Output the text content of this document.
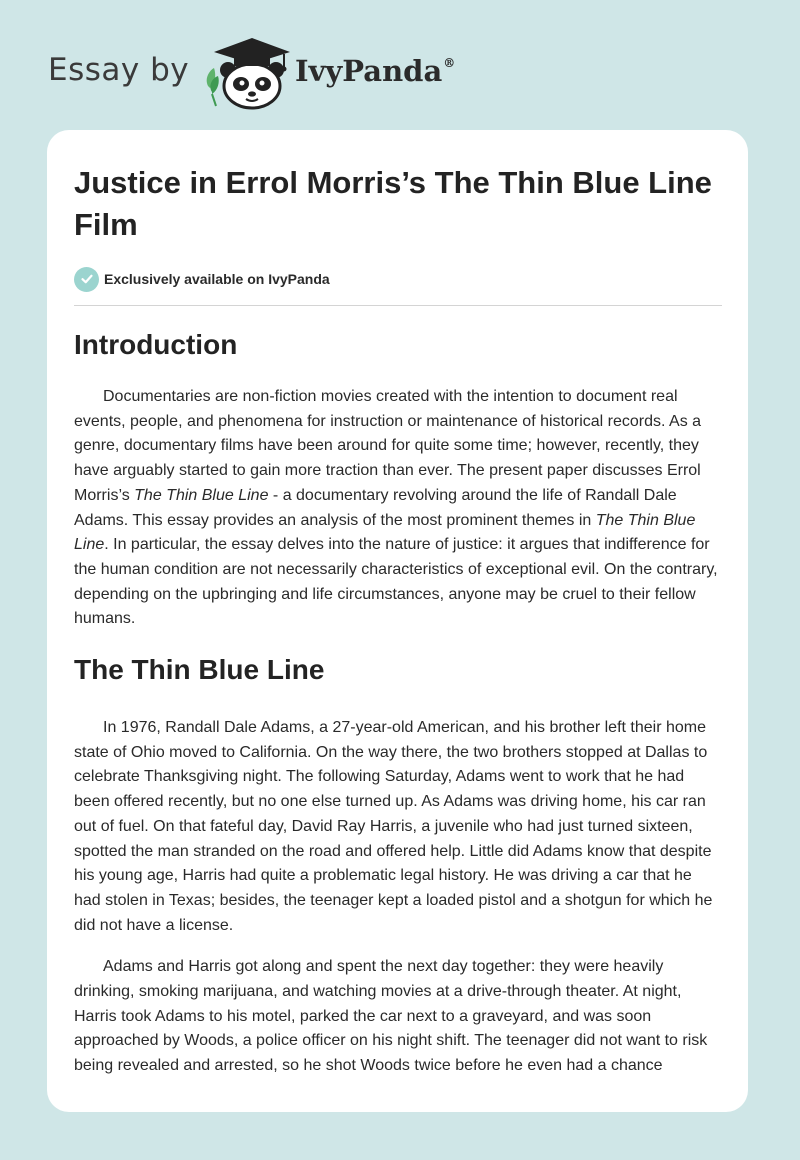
Essay by	IvyPanda®
Justice in Errol Morris’s The Thin Blue Line Film
Exclusively available on IvyPanda
Introduction

Documentaries are non-fiction movies created with the intention to document real events, people, and phenomena for instruction or maintenance of historical records. As a genre, documentary films have been around for quite some time; however, recently, they have arguably started to gain more traction than ever. The present paper discusses Errol Morris’s The Thin Blue Line - a documentary revolving around the life of Randall Dale Adams. This essay provides an analysis of the most prominent themes in The Thin Blue Line. In particular, the essay delves into the nature of justice: it argues that indifference for the human condition are not necessarily characteristics of exceptional evil. On the contrary, depending on the upbringing and life circumstances, anyone may be cruel to their fellow humans.

The Thin Blue Line

In 1976, Randall Dale Adams, a 27-year-old American, and his brother left their home state of Ohio moved to California. On the way there, the two brothers stopped at Dallas to celebrate Thanksgiving night. The following Saturday, Adams went to work that he had been offered recently, but no one else turned up. As Adams was driving home, his car ran out of fuel. On that fateful day, David Ray Harris, a juvenile who had just turned sixteen, spotted the man stranded on the road and offered help. Little did Adams know that despite his young age, Harris had quite a problematic legal history. He was driving a car that he had stolen in Texas; besides, the teenager kept a loaded pistol and a shotgun for which he did not have a license.

Adams and Harris got along and spent the next day together: they were heavily drinking, smoking marijuana, and watching movies at a drive-through theater. At night, Harris took Adams to his motel, parked the car next to a graveyard, and was soon approached by Woods, a police officer on his night shift. The teenager did not want to risk being revealed and arrested, so he shot Woods twice before he even had a chance
